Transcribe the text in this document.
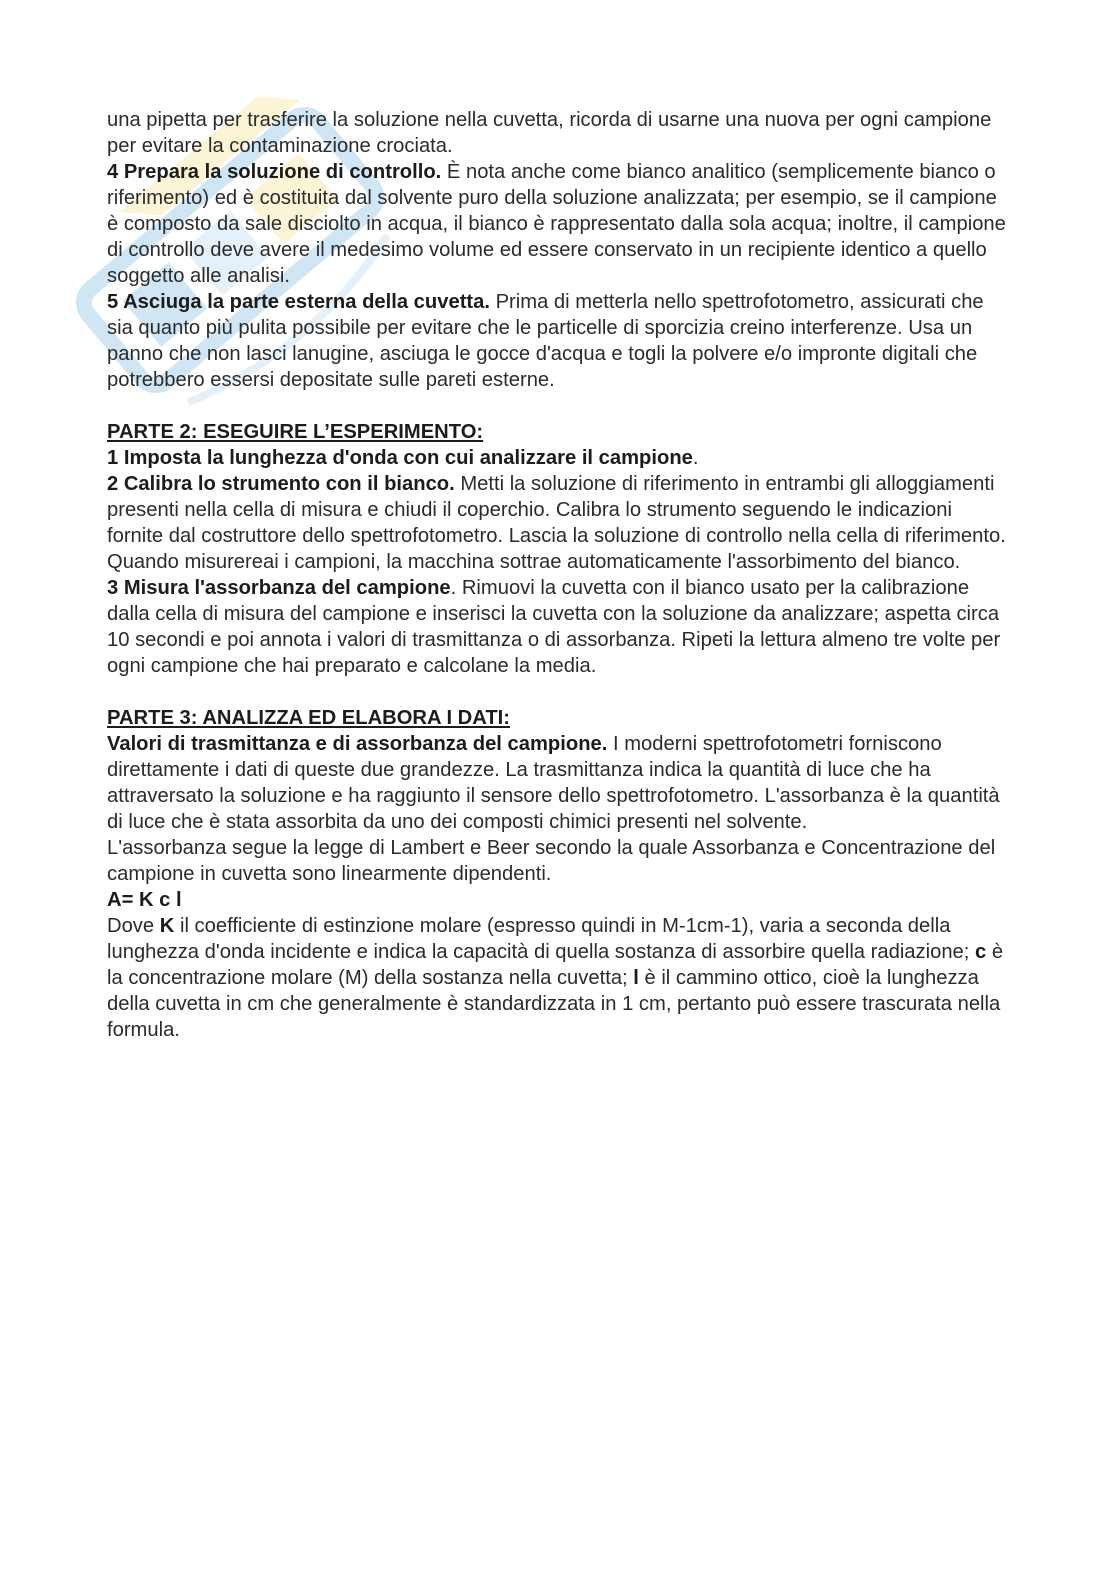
una pipetta per trasferire la soluzione nella cuvetta, ricorda di usarne una nuova per ogni campione per evitare la contaminazione crociata.

4 Prepara la soluzione di controllo. È nota anche come bianco analitico (semplicemente bianco o riferimento) ed è costituita dal solvente puro della soluzione analizzata; per esempio, se il campione è composto da sale disciolto in acqua, il bianco è rappresentato dalla sola acqua; inoltre, il campione di controllo deve avere il medesimo volume ed essere conservato in un recipiente identico a quello soggetto alle analisi.

5 Asciuga la parte esterna della cuvetta. Prima di metterla nello spettrofotometro, assicurati che sia quanto più pulita possibile per evitare che le particelle di sporcizia creino interferenze. Usa un panno che non lasci lanugine, asciuga le gocce d'acqua e togli la polvere e/o impronte digitali che potrebbero essersi depositate sulle pareti esterne.

PARTE 2: ESEGUIRE L’ESPERIMENTO:

1 Imposta la lunghezza d'onda con cui analizzare il campione.

2 Calibra lo strumento con il bianco. Metti la soluzione di riferimento in entrambi gli alloggiamenti presenti nella cella di misura e chiudi il coperchio. Calibra lo strumento seguendo le indicazioni fornite dal costruttore dello spettrofotometro. Lascia la soluzione di controllo nella cella di riferimento. Quando misurereai i campioni, la macchina sottrae automaticamente l'assorbimento del bianco.

3 Misura l'assorbanza del campione. Rimuovi la cuvetta con il bianco usato per la calibrazione dalla cella di misura del campione e inserisci la cuvetta con la soluzione da analizzare; aspetta circa 10 secondi e poi annota i valori di trasmittanza o di assorbanza. Ripeti la lettura almeno tre volte per ogni campione che hai preparato e calcolane la media.

PARTE 3: ANALIZZA ED ELABORA I DATI:

Valori di trasmittanza e di assorbanza del campione. I moderni spettrofotometri forniscono direttamente i dati di queste due grandezze. La trasmittanza indica la quantità di luce che ha attraversato la soluzione e ha raggiunto il sensore dello spettrofotometro. L'assorbanza è la quantità di luce che è stata assorbita da uno dei composti chimici presenti nel solvente.

L'assorbanza segue la legge di Lambert e Beer secondo la quale Assorbanza e Concentrazione del campione in cuvetta sono linearmente dipendenti.

A= K c l

Dove K il coefficiente di estinzione molare (espresso quindi in M-1cm-1), varia a seconda della lunghezza d'onda incidente e indica la capacità di quella sostanza di assorbire quella radiazione; c è la concentrazione molare (M) della sostanza nella cuvetta; l è il cammino ottico, cioè la lunghezza della cuvetta in cm che generalmente è standardizzata in 1 cm, pertanto può essere trascurata nella formula.
